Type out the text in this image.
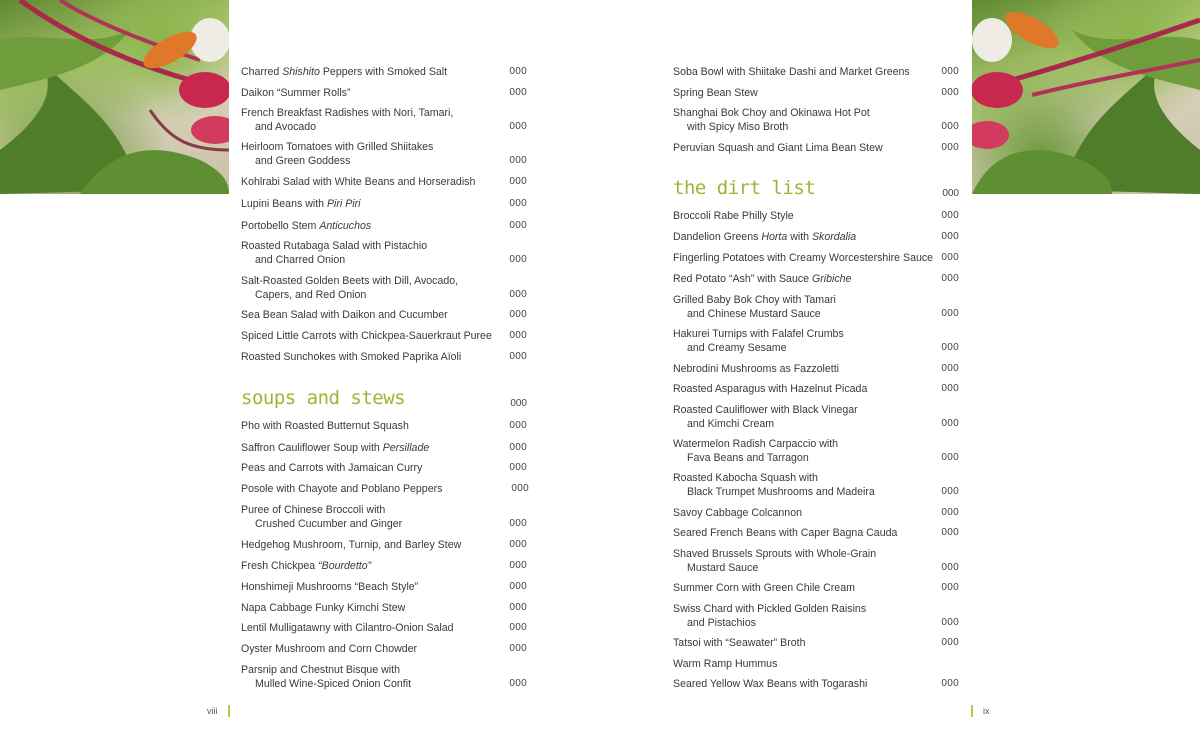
Charred Shishito Peppers with Smoked Salt	000
Daikon “Summer Rolls”	000
French Breakfast Radishes with Nori, Tamari,
and Avocado	000
Heirloom Tomatoes with Grilled Shiitakes
and Green Goddess	000
Kohlrabi Salad with White Beans and Horseradish	000
Lupini Beans with Piri Piri	000
Portobello Stem Anticuchos	000
Roasted Rutabaga Salad with Pistachio
and Charred Onion	000
Salt-Roasted Golden Beets with Dill, Avocado,
Capers, and Red Onion	000
Sea Bean Salad with Daikon and Cucumber	000
Spiced Little Carrots with Chickpea-Sauerkraut Puree	000
Roasted Sunchokes with Smoked Paprika Aïoli	000
soups and stews	000
Pho with Roasted Butternut Squash	000
Saffron Cauliflower Soup with Persillade	000
Peas and Carrots with Jamaican Curry	000
Posole with Chayote and Poblano Peppers	000
Puree of Chinese Broccoli with
Crushed Cucumber and Ginger	000
Hedgehog Mushroom, Turnip, and Barley Stew	000
Fresh Chickpea “Bourdetto”	000
Honshimeji Mushrooms “Beach Style”	000
Napa Cabbage Funky Kimchi Stew	000
Lentil Mulligatawny with Cilantro-Onion Salad	000
Oyster Mushroom and Corn Chowder	000
Parsnip and Chestnut Bisque with
Mulled Wine-Spiced Onion Confit	000
Soba Bowl with Shiitake Dashi and Market Greens	000
Spring Bean Stew	000
Shanghai Bok Choy and Okinawa Hot Pot
with Spicy Miso Broth	000
Peruvian Squash and Giant Lima Bean Stew	000
the dirt list	000
Broccoli Rabe Philly Style	000
Dandelion Greens Horta with Skordalia	000
Fingerling Potatoes with Creamy Worcestershire Sauce 000
Red Potato “Ash” with Sauce Gribiche	000
Grilled Baby Bok Choy with Tamari
and Chinese Mustard Sauce	000
Hakurei Turnips with Falafel Crumbs
and Creamy Sesame	000
Nebrodini Mushrooms as Fazzoletti	000
Roasted Asparagus with Hazelnut Picada	000
Roasted Cauliflower with Black Vinegar
and Kimchi Cream	000
Watermelon Radish Carpaccio with
Fava Beans and Tarragon	000
Roasted Kabocha Squash with
Black Trumpet Mushrooms and Madeira	000
Savoy Cabbage Colcannon	000
Seared French Beans with Caper Bagna Cauda	000
Shaved Brussels Sprouts with Whole-Grain
Mustard Sauce	000
Summer Corn with Green Chile Cream	000
Swiss Chard with Pickled Golden Raisins
and Pistachios	000
Tatsoi with “Seawater” Broth	000
Warm Ramp Hummus
Seared Yellow Wax Beans with Togarashi	000
viii	ix
